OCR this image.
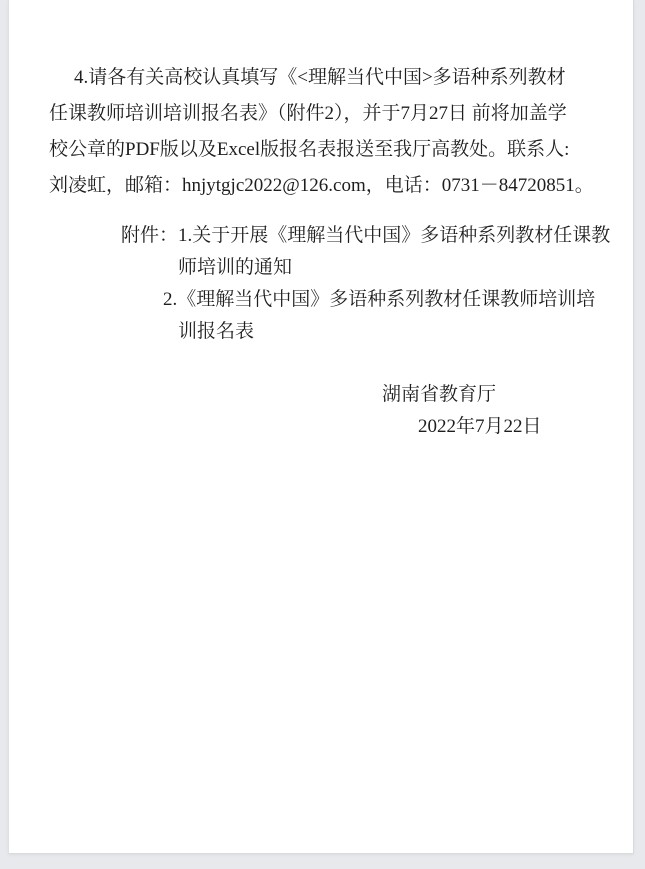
4.请各有关高校认真填写《<理解当代中国>多语种系列教材
任课教师培训培训报名表》（附件2），并于7月27日 前将加盖学
校公章的PDF版以及Excel版报名表报送至我厅高教处。联系人:
刘凌虹，邮箱：hnjytgjc2022@126.com，电话：0731－84720851。
附件：1.关于开展《理解当代中国》多语种系列教材任课教
师培训的通知
2.《理解当代中国》多语种系列教材任课教师培训培
训报名表
湖南省教育厅
2022年7月22日
